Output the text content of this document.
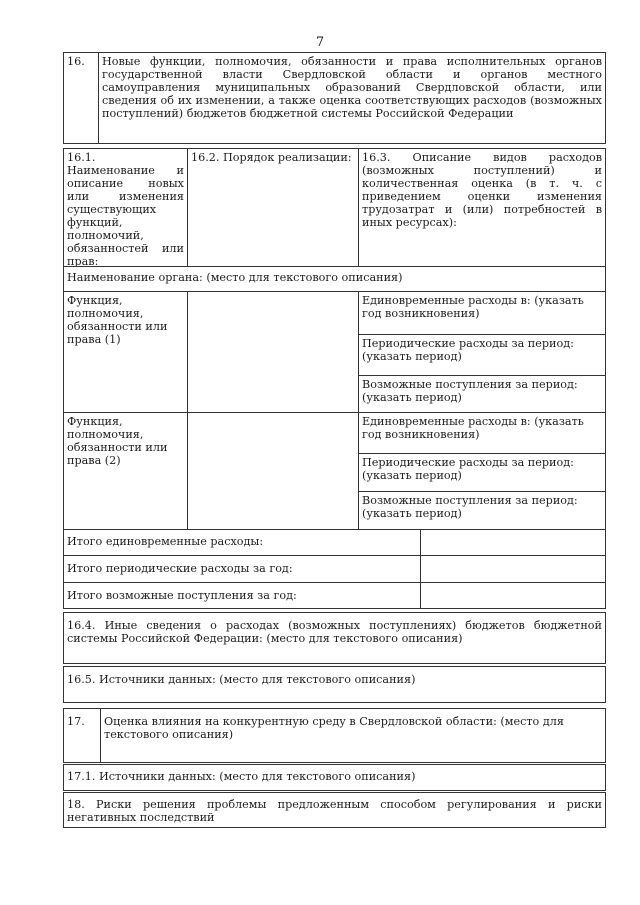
7
16.	Новые функции, полномочия, обязанности и права исполнительных органов государственной власти Свердловской области и органов местного самоуправления муниципальных образований Свердловской области, или сведения об их изменении, а также оценка соответствующих расходов (возможных поступлений) бюджетов бюджетной системы Российской Федерации
16.1. Наименование и описание новых или изменения существующих функций, полномочий, обязанностей или прав:
16.2. Порядок реализации: 16.3. Описание видов расходов (возможных поступлений) и количественная оценка (в т. ч. с приведением оценки изменения трудозатрат и (или) потребностей в иных ресурсах):
Наименование органа: (место для текстового описания)
Функция, полномочия, обязанности или права (1)
Единовременные расходы в: (указать год возникновения)
Периодические расходы за период: (указать период)
Возможные поступления за период: (указать период)
Функция, полномочия, обязанности или права (2)
Единовременные расходы в: (указать год возникновения)
Периодические расходы за период: (указать период)
Возможные поступления за период: (указать период)
Итого единовременные расходы:
Итого периодические расходы за год:
Итого возможные поступления за год:
16.4. Иные сведения о расходах (возможных поступлениях) бюджетов бюджетной системы Российской Федерации: (место для текстового описания)
16.5. Источники данных: (место для текстового описания)
17.	Оценка влияния на конкурентную среду в Свердловской области: (место для текстового описания)
17.1. Источники данных: (место для текстового описания)
18. Риски решения проблемы предложенным способом регулирования и риски негативных последствий
